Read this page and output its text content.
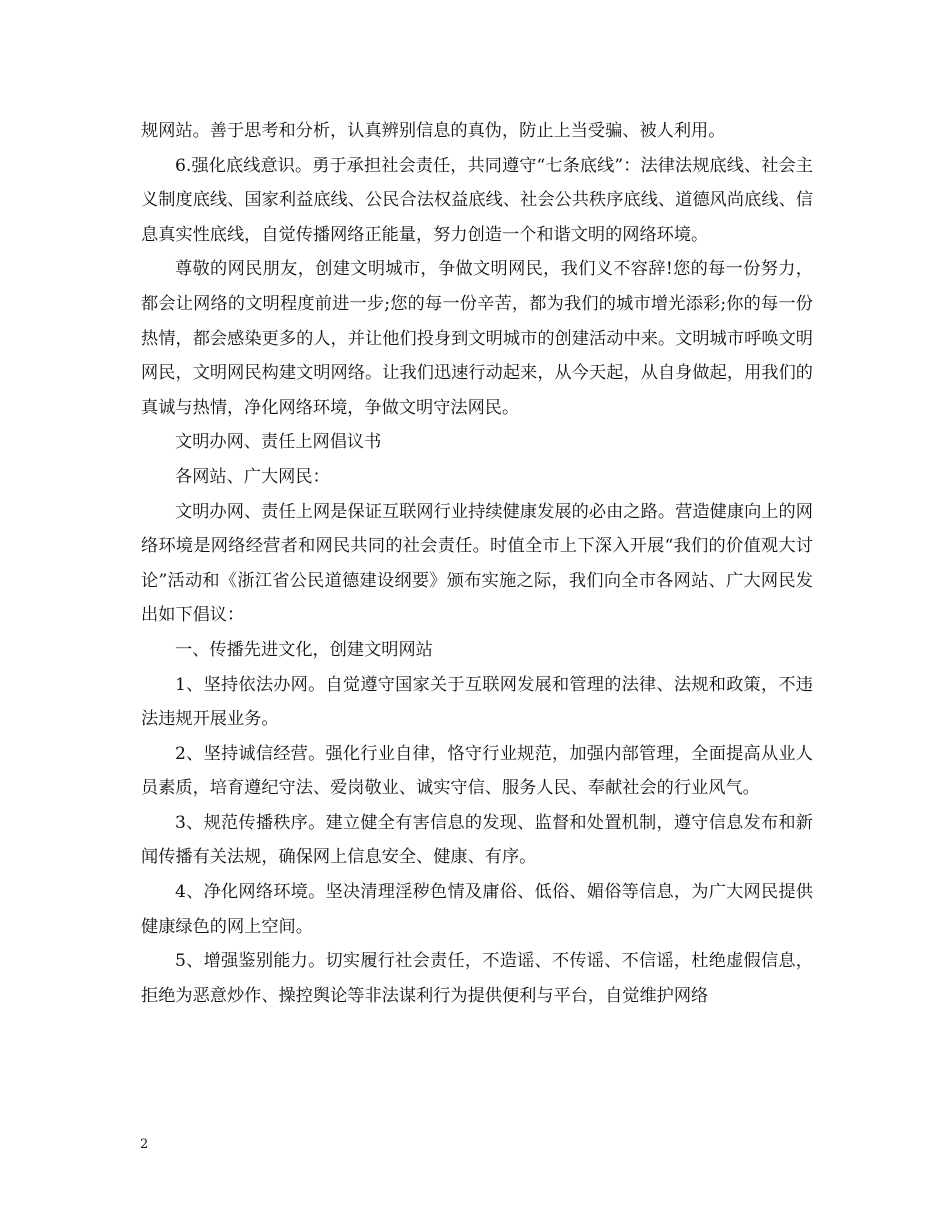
规网站。善于思考和分析，认真辨别信息的真伪，防止上当受骗、被人利用。

6.强化底线意识。勇于承担社会责任，共同遵守“七条底线”：法律法规底线、社会主义制度底线、国家利益底线、公民合法权益底线、社会公共秩序底线、道德风尚底线、信息真实性底线，自觉传播网络正能量，努力创造一个和谐文明的网络环境。

尊敬的网民朋友，创建文明城市，争做文明网民，我们义不容辞!您的每一份努力，都会让网络的文明程度前进一步;您的每一份辛苦，都为我们的城市增光添彩;你的每一份热情，都会感染更多的人，并让他们投身到文明城市的创建活动中来。文明城市呼唤文明网民，文明网民构建文明网络。让我们迅速行动起来，从今天起，从自身做起，用我们的真诚与热情，净化网络环境，争做文明守法网民。

文明办网、责任上网倡议书

各网站、广大网民：

文明办网、责任上网是保证互联网行业持续健康发展的必由之路。营造健康向上的网络环境是网络经营者和网民共同的社会责任。时值全市上下深入开展“我们的价值观大讨论”活动和《浙江省公民道德建设纲要》颁布实施之际，我们向全市各网站、广大网民发出如下倡议：

一、传播先进文化，创建文明网站

1、坚持依法办网。自觉遵守国家关于互联网发展和管理的法律、法规和政策，不违法违规开展业务。

2、坚持诚信经营。强化行业自律，恪守行业规范，加强内部管理，全面提高从业人员素质，培育遵纪守法、爱岗敬业、诚实守信、服务人民、奉献社会的行业风气。

3、规范传播秩序。建立健全有害信息的发现、监督和处置机制，遵守信息发布和新闻传播有关法规，确保网上信息安全、健康、有序。

4、净化网络环境。坚决清理淫秽色情及庸俗、低俗、媚俗等信息，为广大网民提供健康绿色的网上空间。

5、增强鉴别能力。切实履行社会责任，不造谣、不传谣、不信谣，杜绝虚假信息，拒绝为恶意炒作、操控舆论等非法谋利行为提供便利与平台，自觉维护网络

2
